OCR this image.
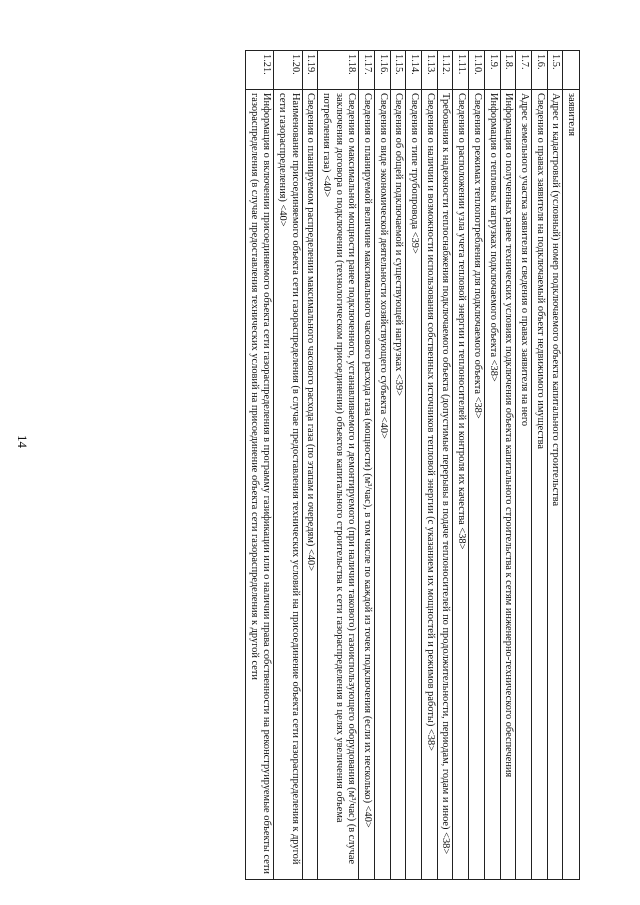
14
	заявителя
1.5.	Адрес и кадастровый (условный) номер подключаемого объекта капитального строительства
1.6.	Сведения о правах заявителя на подключаемый объект недвижимого имущества
1.7.	Адрес земельного участка заявителя и сведения о правах заявителя на него
1.8.	Информация о полученных ранее технических условиях подключения объекта капитального строительства к сетям инженерно-технического обеспечения
1.9.	Информация о тепловых нагрузках подключаемого объекта <38>
1.10.	Сведения о режимах теплопотребления для подключаемого объекта <38>
1.11.	Сведения о расположении узла учета тепловой энергии и теплоносителей и контроля их качества <38>
1.12.	Требования к надежности теплоснабжения подключаемого объекта (допустимые перерывы в подаче теплоносителей по продолжительности, периодам, годам и иное) <38>
1.13.	Сведения о наличии и возможности использования собственных источников тепловой энергии (с указанием их мощностей и режимов работы) <38>
1.14.	Сведения о типе трубопровода <39>
1.15.	Сведения об общей подключаемой и существующей нагрузках <39>
1.16.	Сведения о виде экономической деятельности хозяйствующего субъекта <40>
1.17.	Сведения о планируемой величине максимального часового расхода газа (мощности) (м³/час), в том числе по каждой из точек подключения (если их несколько) <40>
1.18.	Сведения о максимальной мощности ранее подключенного, устанавливаемого и демонтируемого (при наличии такового) газоиспользующего оборудования (м³/час) (в случае заключения договора о подключении (технологическом присоединении) объектов капитального строительства к сети газораспределения в целях увеличения объема потребления газа) <40>
1.19.	Сведения о планируемом распределении максимального часового расхода газа (по этапам и очередям) <40>
1.20.	Наименование присоединяемого объекта сети газораспределения (в случае предоставления технических условий на присоединение объекта сети газораспределения к другой сети газораспределения) <40>
1.21.	Информация о включении присоединяемого объекта сети газораспределения в программу газификации или о наличии права собственности на реконструируемые объекты сети газораспределения (в случае предоставления технических условий на присоединение объекта сети газораспределения к другой сети
